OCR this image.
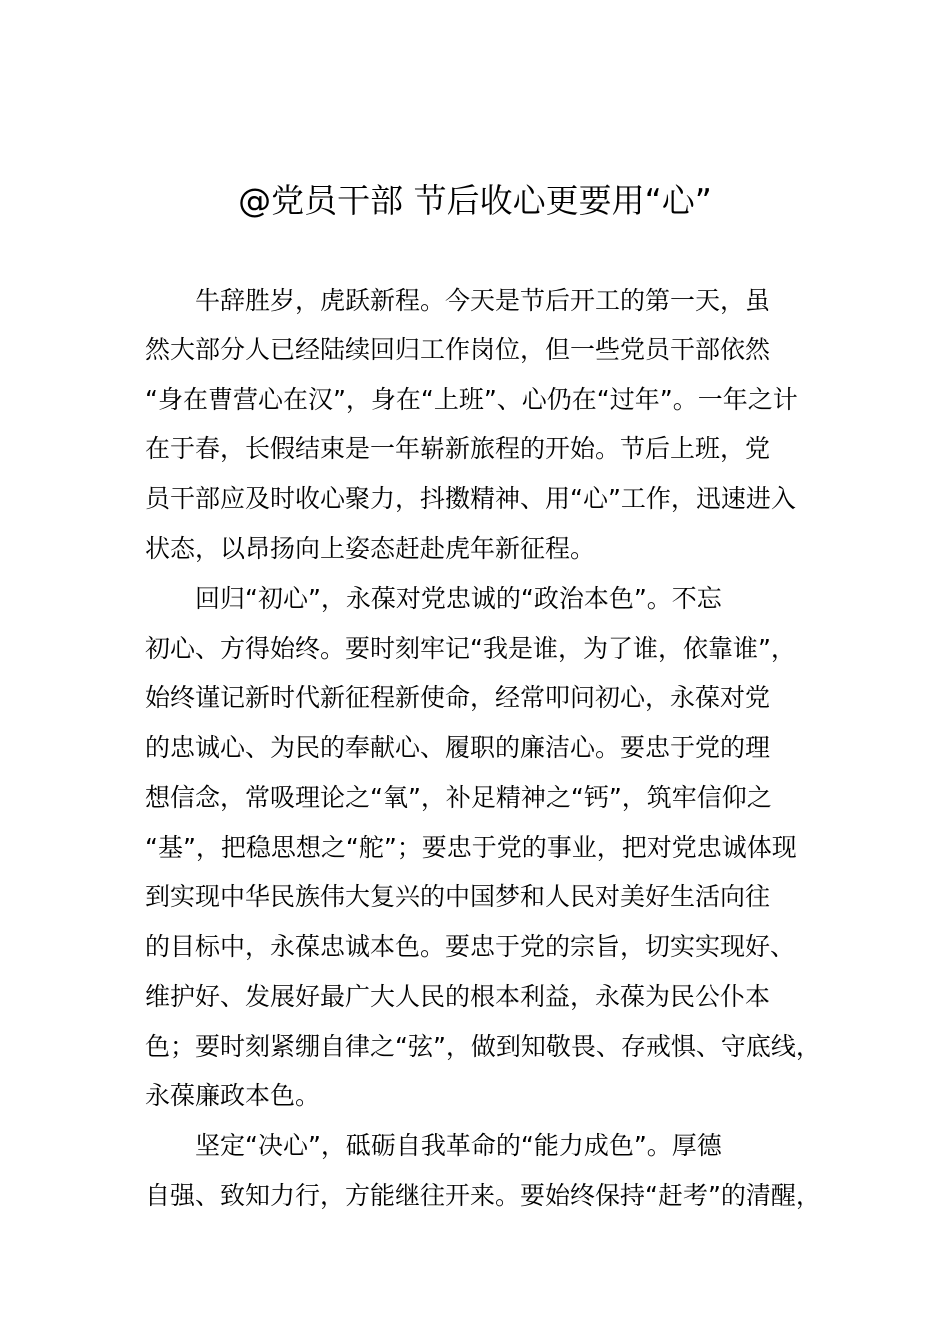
@党员干部 节后收心更要用“心”
牛辞胜岁，虎跃新程。今天是节后开工的第一天，虽
然大部分人已经陆续回归工作岗位，但一些党员干部依然
“身在曹营心在汉”，身在“上班”、心仍在“过年”。一年之计
在于春，长假结束是一年崭新旅程的开始。节后上班，党
员干部应及时收心聚力，抖擞精神、用“心”工作，迅速进入
状态，以昂扬向上姿态赶赴虎年新征程。
回归“初心”，永葆对党忠诚的“政治本色”。不忘
初心、方得始终。要时刻牢记“我是谁，为了谁，依靠谁”，
始终谨记新时代新征程新使命，经常叩问初心，永葆对党
的忠诚心、为民的奉献心、履职的廉洁心。要忠于党的理
想信念，常吸理论之“氧”，补足精神之“钙”，筑牢信仰之
“基”，把稳思想之“舵”；要忠于党的事业，把对党忠诚体现
到实现中华民族伟大复兴的中国梦和人民对美好生活向往
的目标中，永葆忠诚本色。要忠于党的宗旨，切实实现好、
维护好、发展好最广大人民的根本利益，永葆为民公仆本
色；要时刻紧绷自律之“弦”，做到知敬畏、存戒惧、守底线，
永葆廉政本色。
坚定“决心”，砥砺自我革命的“能力成色”。厚德
自强、致知力行，方能继往开来。要始终保持“赶考”的清醒，
